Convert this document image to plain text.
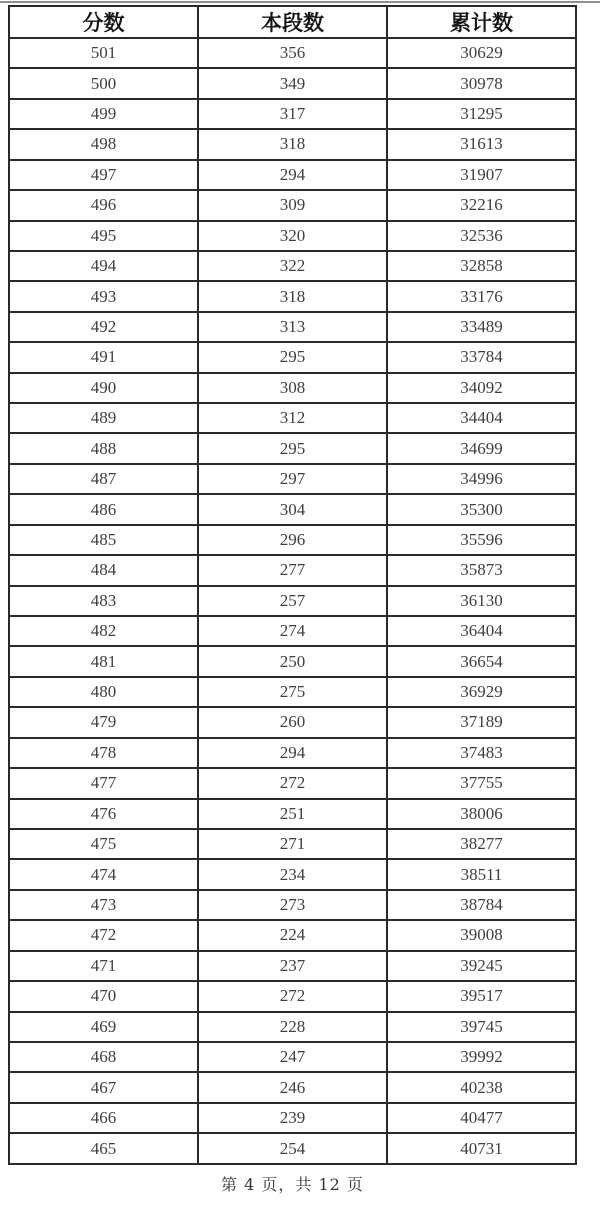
分数	本段数	累计数
501	356	30629
500	349	30978
499	317	31295
498	318	31613
497	294	31907
496	309	32216
495	320	32536
494	322	32858
493	318	33176
492	313	33489
491	295	33784
490	308	34092
489	312	34404
488	295	34699
487	297	34996
486	304	35300
485	296	35596
484	277	35873
483	257	36130
482	274	36404
481	250	36654
480	275	36929
479	260	37189
478	294	37483
477	272	37755
476	251	38006
475	271	38277
474	234	38511
473	273	38784
472	224	39008
471	237	39245
470	272	39517
469	228	39745
468	247	39992
467	246	40238
466	239	40477
465	254	40731
第 4 页，共 12 页
